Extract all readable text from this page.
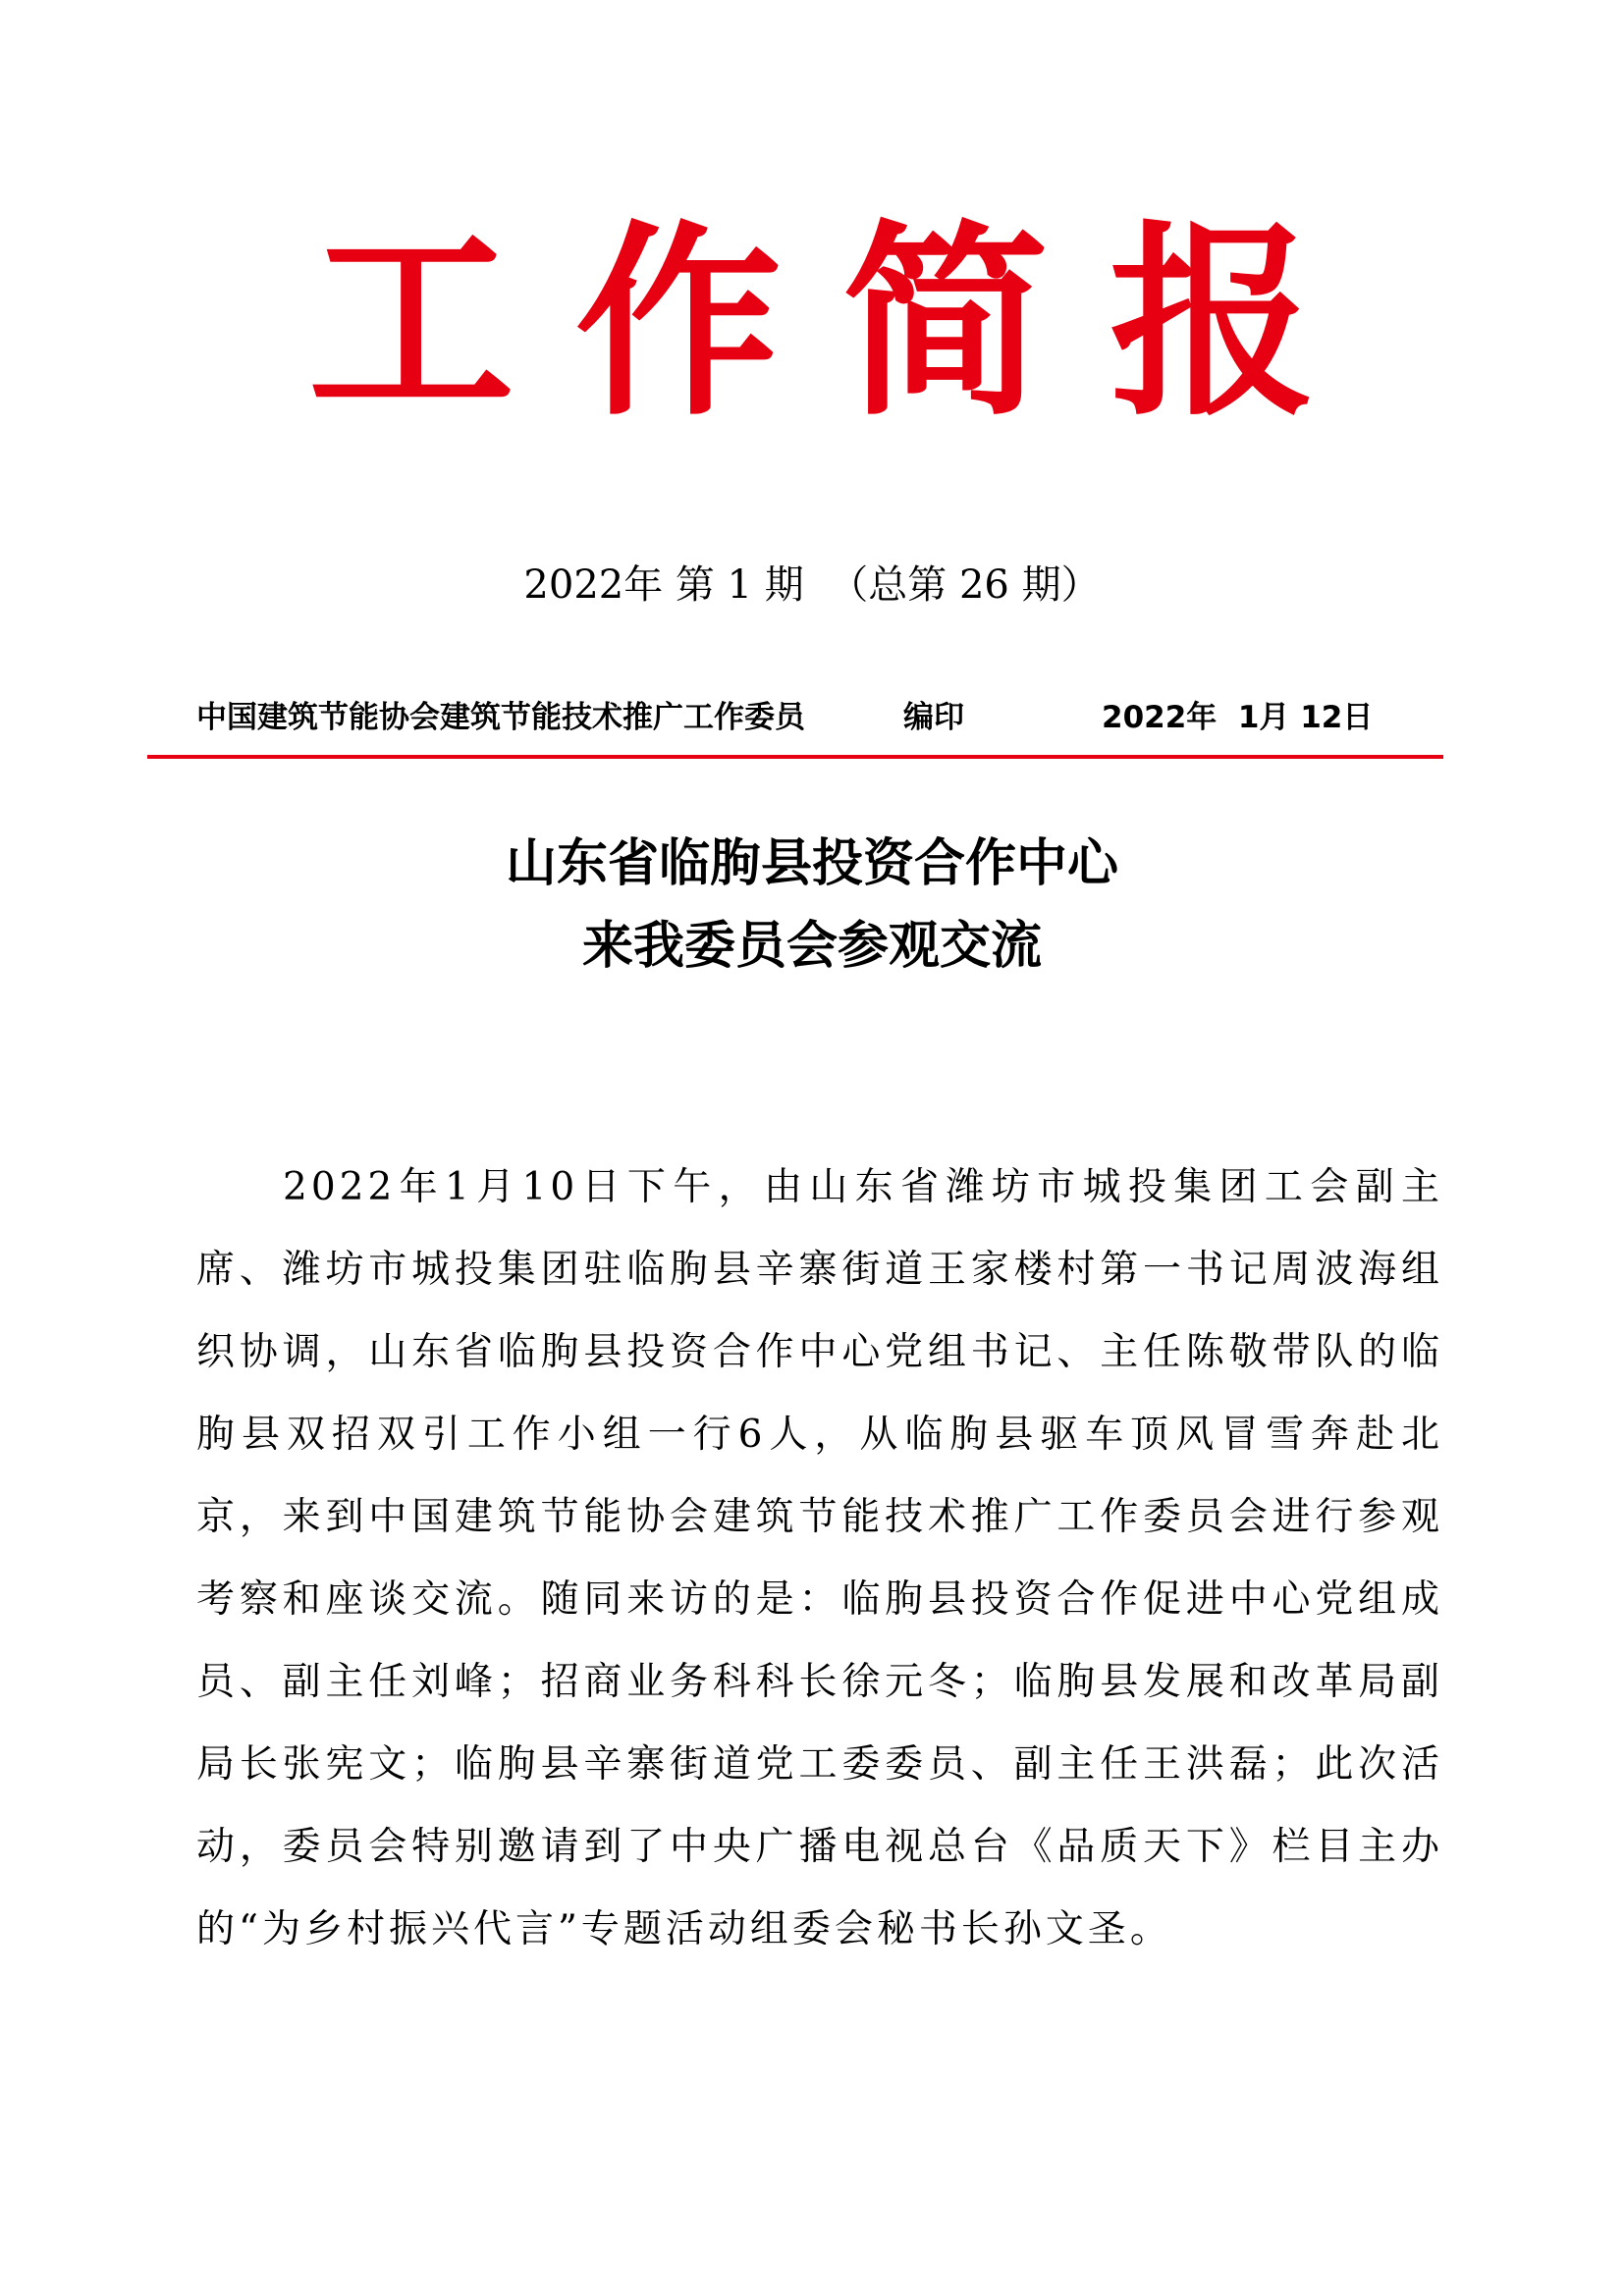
工作简报
2022年 第 1 期  （总第 26 期）

中国建筑节能协会建筑节能技术推广工作委员

	编印

	2022年  1月 12日

山东省临朐县投资合作中心
来我委员会参观交流

2022年1月10日下午，由山东省潍坊市城投集团工会副主席、潍坊市城投集团驻临朐县辛寨街道王家楼村第一书记周波海组织协调，山东省临朐县投资合作中心党组书记、主任陈敬带队的临朐县双招双引工作小组一行6人，从临朐县驱车顶风冒雪奔赴北京，来到中国建筑节能协会建筑节能技术推广工作委员会进行参观考察和座谈交流。随同来访的是：临朐县投资合作促进中心党组成员、副主任刘峰；招商业务科科长徐元冬；临朐县发展和改革局副局长张宪文；临朐县辛寨街道党工委委员、副主任王洪磊；此次活动，委员会特别邀请到了中央广播电视总台《品质天下》栏目主办的“为乡村振兴代言”专题活动组委会秘书长孙文圣。
